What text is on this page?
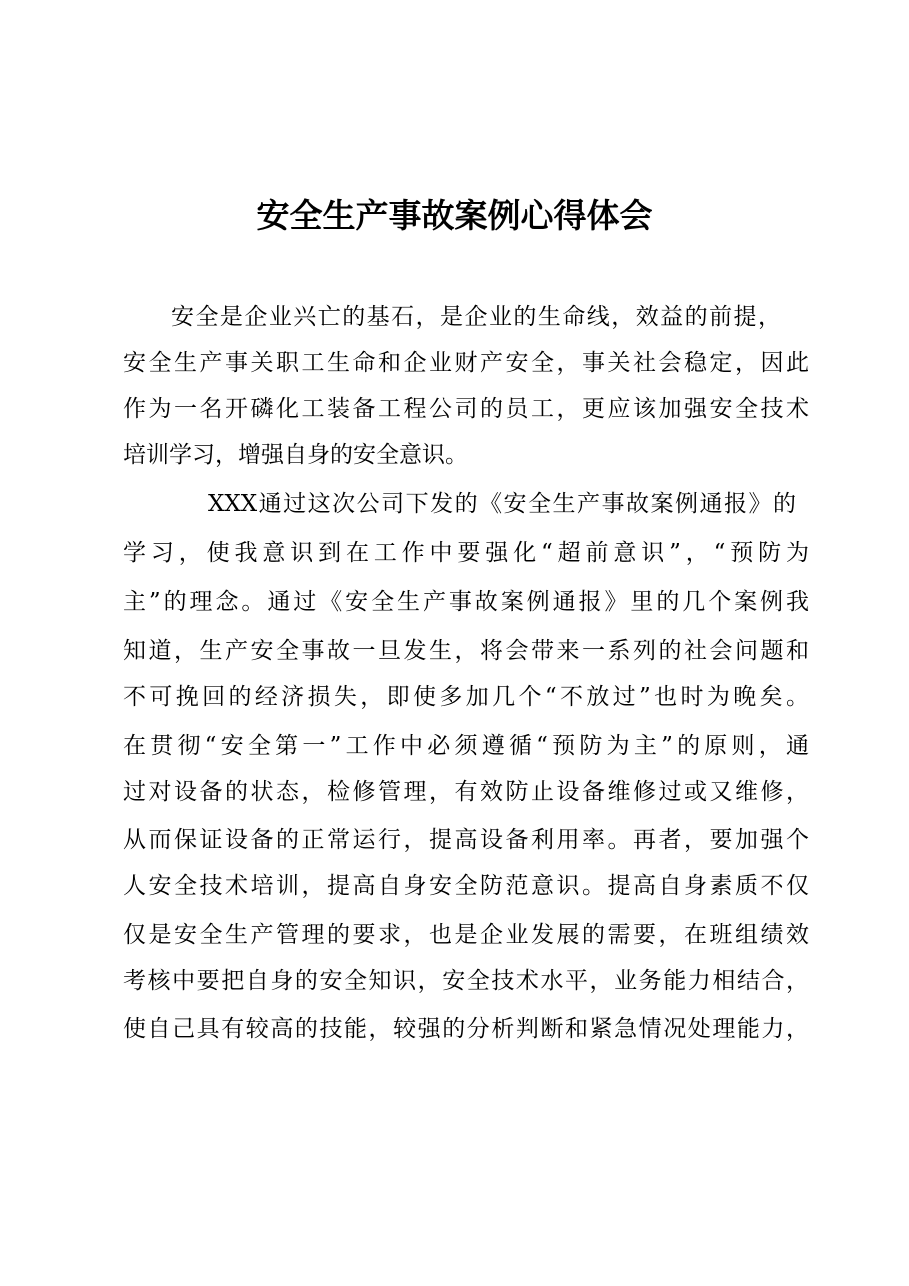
安全生产事故案例心得体会
安全是企业兴亡的基石，是企业的生命线，效益的前提，
安全生产事关职工生命和企业财产安全，事关社会稳定，因此
作为一名开磷化工装备工程公司的员工，更应该加强安全技术
培训学习，增强自身的安全意识。
XXX通过这次公司下发的《安全生产事故案例通报》的
学习，使我意识到在工作中要强化“超前意识”，“预防为
主”的理念。通过《安全生产事故案例通报》里的几个案例我
知道，生产安全事故一旦发生，将会带来一系列的社会问题和
不可挽回的经济损失，即使多加几个“不放过”也时为晚矣。
在贯彻“安全第一”工作中必须遵循“预防为主”的原则，通
过对设备的状态，检修管理，有效防止设备维修过或又维修，
从而保证设备的正常运行，提高设备利用率。再者，要加强个
人安全技术培训，提高自身安全防范意识。提高自身素质不仅
仅是安全生产管理的要求，也是企业发展的需要，在班组绩效
考核中要把自身的安全知识，安全技术水平，业务能力相结合，
使自己具有较高的技能，较强的分析判断和紧急情况处理能力，
